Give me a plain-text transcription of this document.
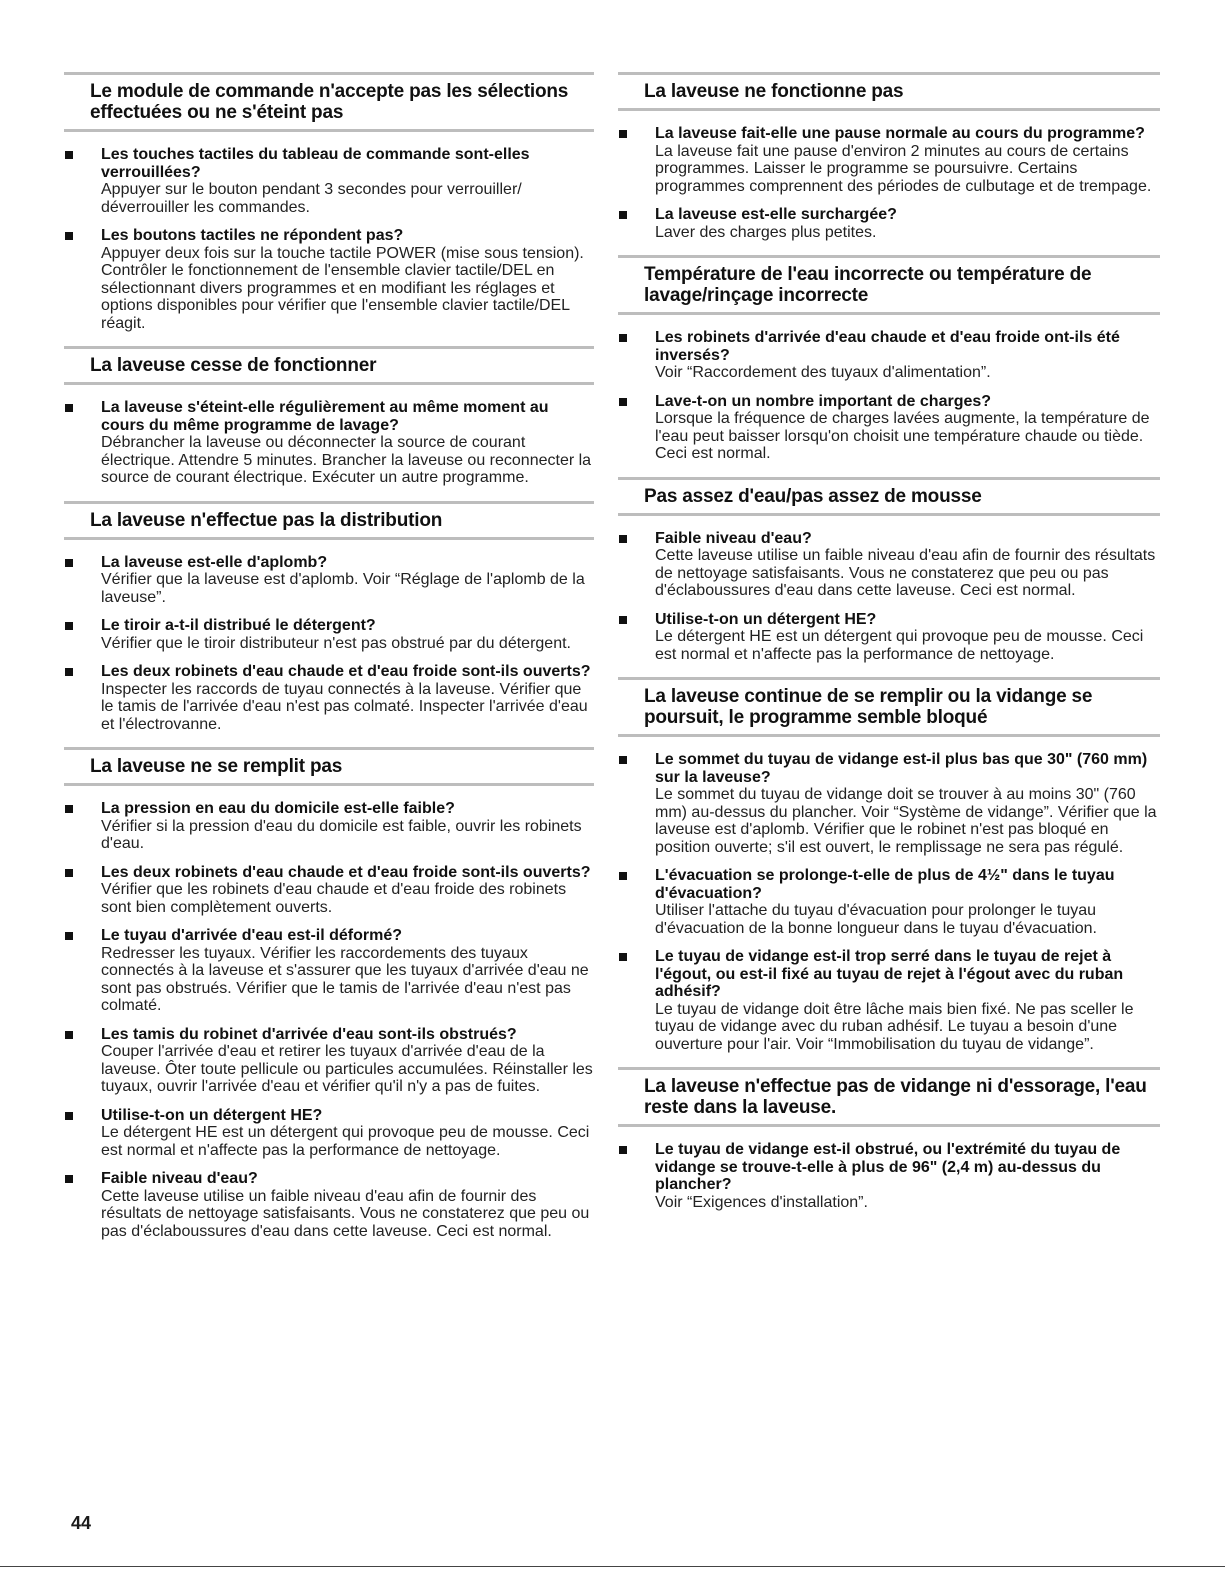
Le module de commande n'accepte pas les sélections effectuées ou ne s'éteint pas
Les touches tactiles du tableau de commande sont-elles verrouillées?
Appuyer sur le bouton pendant 3 secondes pour verrouiller/ déverrouiller les commandes.
Les boutons tactiles ne répondent pas?
Appuyer deux fois sur la touche tactile POWER (mise sous tension). Contrôler le fonctionnement de l'ensemble clavier tactile/DEL en sélectionnant divers programmes et en modifiant les réglages et options disponibles pour vérifier que l'ensemble clavier tactile/DEL réagit.
La laveuse cesse de fonctionner
La laveuse s'éteint-elle régulièrement au même moment au cours du même programme de lavage?
Débrancher la laveuse ou déconnecter la source de courant électrique. Attendre 5 minutes. Brancher la laveuse ou reconnecter la source de courant électrique. Exécuter un autre programme.
La laveuse n'effectue pas la distribution
La laveuse est-elle d'aplomb?
Vérifier que la laveuse est d'aplomb. Voir “Réglage de l'aplomb de la laveuse”.
Le tiroir a-t-il distribué le détergent?
Vérifier que le tiroir distributeur n'est pas obstrué par du détergent.
Les deux robinets d'eau chaude et d'eau froide sont-ils ouverts?
Inspecter les raccords de tuyau connectés à la laveuse. Vérifier que le tamis de l'arrivée d'eau n'est pas colmaté. Inspecter l'arrivée d'eau et l'électrovanne.
La laveuse ne se remplit pas
La pression en eau du domicile est-elle faible?
Vérifier si la pression d'eau du domicile est faible, ouvrir les robinets d'eau.
Les deux robinets d'eau chaude et d'eau froide sont-ils ouverts?
Vérifier que les robinets d'eau chaude et d'eau froide des robinets sont bien complètement ouverts.
Le tuyau d'arrivée d'eau est-il déformé?
Redresser les tuyaux. Vérifier les raccordements des tuyaux connectés à la laveuse et s'assurer que les tuyaux d'arrivée d'eau ne sont pas obstrués. Vérifier que le tamis de l'arrivée d'eau n'est pas colmaté.
Les tamis du robinet d'arrivée d'eau sont-ils obstrués?
Couper l'arrivée d'eau et retirer les tuyaux d'arrivée d'eau de la laveuse. Ôter toute pellicule ou particules accumulées. Réinstaller les tuyaux, ouvrir l'arrivée d'eau et vérifier qu'il n'y a pas de fuites.
Utilise-t-on un détergent HE?
Le détergent HE est un détergent qui provoque peu de mousse. Ceci est normal et n'affecte pas la performance de nettoyage.
Faible niveau d'eau?
Cette laveuse utilise un faible niveau d'eau afin de fournir des résultats de nettoyage satisfaisants. Vous ne constaterez que peu ou pas d'éclaboussures d'eau dans cette laveuse. Ceci est normal.
La laveuse ne fonctionne pas
La laveuse fait-elle une pause normale au cours du programme?
La laveuse fait une pause d'environ 2 minutes au cours de certains programmes. Laisser le programme se poursuivre. Certains programmes comprennent des périodes de culbutage et de trempage.
La laveuse est-elle surchargée?
Laver des charges plus petites.
Température de l'eau incorrecte ou température de lavage/rinçage incorrecte
Les robinets d'arrivée d'eau chaude et d'eau froide ont-ils été inversés?
Voir “Raccordement des tuyaux d'alimentation”.
Lave-t-on un nombre important de charges?
Lorsque la fréquence de charges lavées augmente, la température de l'eau peut baisser lorsqu'on choisit une température chaude ou tiède. Ceci est normal.
Pas assez d'eau/pas assez de mousse
Faible niveau d'eau?
Cette laveuse utilise un faible niveau d'eau afin de fournir des résultats de nettoyage satisfaisants. Vous ne constaterez que peu ou pas d'éclaboussures d'eau dans cette laveuse. Ceci est normal.
Utilise-t-on un détergent HE?
Le détergent HE est un détergent qui provoque peu de mousse. Ceci est normal et n'affecte pas la performance de nettoyage.
La laveuse continue de se remplir ou la vidange se poursuit, le programme semble bloqué
Le sommet du tuyau de vidange est-il plus bas que 30" (760 mm) sur la laveuse?
Le sommet du tuyau de vidange doit se trouver à au moins 30" (760 mm) au-dessus du plancher. Voir “Système de vidange”. Vérifier que la laveuse est d'aplomb. Vérifier que le robinet n'est pas bloqué en position ouverte; s'il est ouvert, le remplissage ne sera pas régulé.
L'évacuation se prolonge-t-elle de plus de 4½" dans le tuyau d'évacuation?
Utiliser l'attache du tuyau d'évacuation pour prolonger le tuyau d'évacuation de la bonne longueur dans le tuyau d'évacuation.
Le tuyau de vidange est-il trop serré dans le tuyau de rejet à l'égout, ou est-il fixé au tuyau de rejet à l'égout avec du ruban adhésif?
Le tuyau de vidange doit être lâche mais bien fixé. Ne pas sceller le tuyau de vidange avec du ruban adhésif. Le tuyau a besoin d'une ouverture pour l'air. Voir “Immobilisation du tuyau de vidange”.
La laveuse n'effectue pas de vidange ni d'essorage, l'eau reste dans la laveuse.
Le tuyau de vidange est-il obstrué, ou l'extrémité du tuyau de vidange se trouve-t-elle à plus de 96" (2,4 m) au-dessus du plancher?
Voir “Exigences d'installation”.
44
